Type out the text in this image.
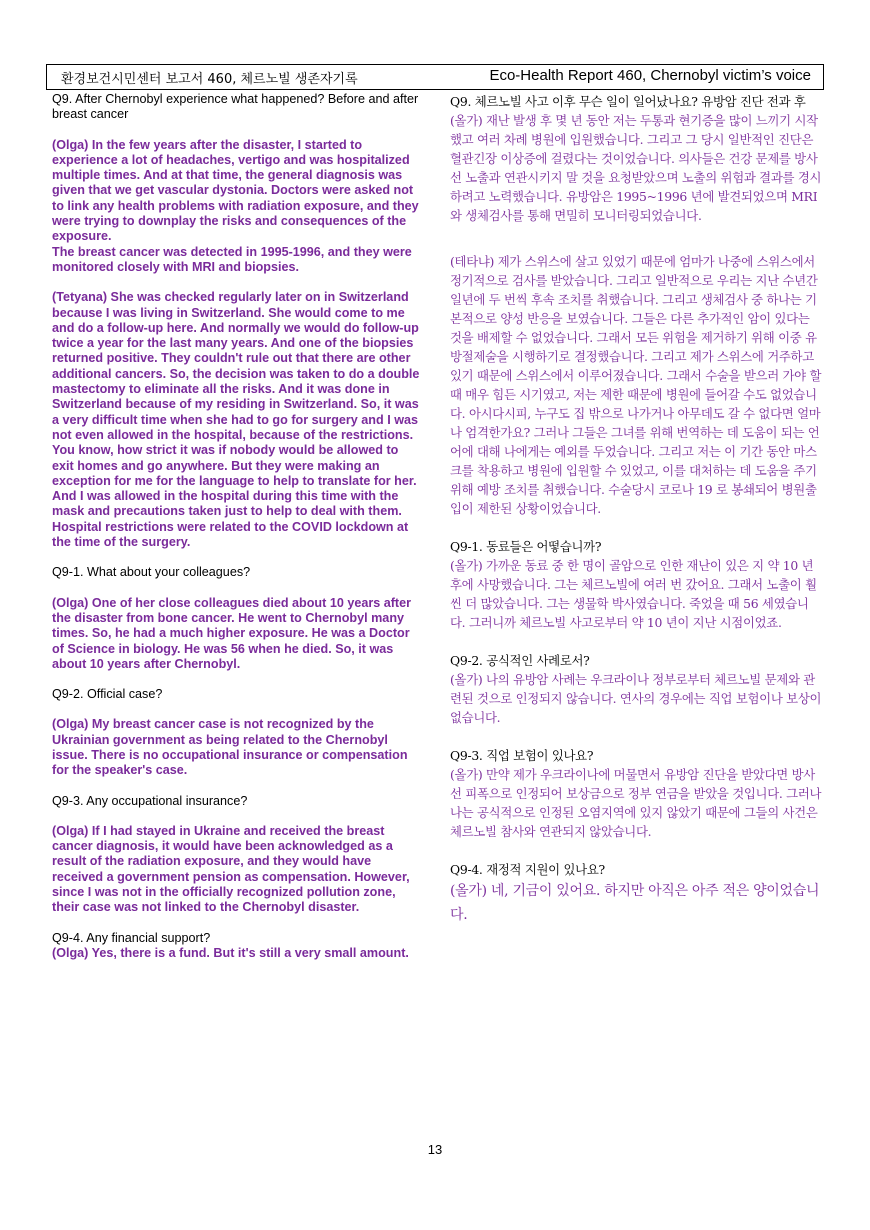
환경보건시민센터 보고서 460, 체르노빌 생존자기록	Eco-Health Report 460, Chernobyl victim’s voice

Q9. After Chernobyl experience what happened? Before and after breast cancer

(Olga) In the few years after the disaster, I started to experience a lot of headaches, vertigo and was hospitalized multiple times. And at that time, the general diagnosis was given that we get vascular dystonia. Doctors were asked not to link any health problems with radiation exposure, and they were trying to downplay the risks and consequences of the exposure.

The breast cancer was detected in 1995-1996, and they were monitored closely with MRI and biopsies.

(Tetyana) She was checked regularly later on in Switzerland because I was living in Switzerland. She would come to me and do a follow-up here. And normally we would do follow-up twice a year for the last many years. And one of the biopsies returned positive. They couldn't rule out that there are other additional cancers. So, the decision was taken to do a double mastectomy to eliminate all the risks. And it was done in Switzerland because of my residing in Switzerland. So, it was a very difficult time when she had to go for surgery and I was not even allowed in the hospital, because of the restrictions. You know, how strict it was if nobody would be allowed to exit homes and go anywhere. But they were making an exception for me for the language to help to translate for her. And I was allowed in the hospital during this time with the mask and precautions taken just to help to deal with them. Hospital restrictions were related to the COVID lockdown at the time of the surgery.

Q9-1. What about your colleagues?

(Olga) One of her close colleagues died about 10 years after the disaster from bone cancer. He went to Chernobyl many times. So, he had a much higher exposure. He was a Doctor of Science in biology. He was 56 when he died. So, it was about 10 years after Chernobyl.

Q9-2. Official case?

(Olga) My breast cancer case is not recognized by the Ukrainian government as being related to the Chernobyl issue. There is no occupational insurance or compensation for the speaker's case.

Q9-3. Any occupational insurance?

(Olga) If I had stayed in Ukraine and received the breast cancer diagnosis, it would have been acknowledged as a result of the radiation exposure, and they would have received a government pension as compensation. However, since I was not in the officially recognized pollution zone, their case was not linked to the Chernobyl disaster.

Q9-4. Any financial support?

(Olga) Yes, there is a fund. But it's still a very small amount.

Q9. 체르노빌 사고 이후 무슨 일이 일어났나요? 유방암 진단 전과 후

(올가) 재난 발생 후 몇 년 동안 저는 두통과 현기증을 많이 느끼기 시작했고 여러 차례 병원에 입원했습니다. 그리고 그 당시 일반적인 진단은 혈관긴장 이상증에 걸렸다는 것이었습니다. 의사들은 건강 문제를 방사선 노출과 연관시키지 말 것을 요청받았으며 노출의 위험과 결과를 경시하려고 노력했습니다. 유방암은 1995~1996 년에 발견되었으며 MRI 와 생체검사를 통해 면밀히 모니터링되었습니다.

(테타냐) 제가 스위스에 살고 있었기 때문에 엄마가 나중에 스위스에서 정기적으로 검사를 받았습니다. 그리고 일반적으로 우리는 지난 수년간 일년에 두 번씩 후속 조치를 취했습니다. 그리고 생체검사 중 하나는 기본적으로 양성 반응을 보였습니다. 그들은 다른 추가적인 암이 있다는 것을 배제할 수 없었습니다. 그래서 모든 위험을 제거하기 위해 이중 유방절제술을 시행하기로 결정했습니다. 그리고 제가 스위스에 거주하고 있기 때문에 스위스에서 이루어졌습니다. 그래서 수술을 받으러 가야 할 때 매우 힘든 시기였고, 저는 제한 때문에 병원에 들어갈 수도 없었습니다. 아시다시피, 누구도 집 밖으로 나가거나 아무데도 갈 수 없다면 얼마나 엄격한가요? 그러나 그들은 그녀를 위해 번역하는 데 도움이 되는 언어에 대해 나에게는 예외를 두었습니다. 그리고 저는 이 기간 동안 마스크를 착용하고 병원에 입원할 수 있었고, 이를 대처하는 데 도움을 주기 위해 예방 조치를 취했습니다. 수술당시 코로나 19 로 봉쇄되어 병원출입이 제한된 상황이었습니다.

Q9-1. 동료들은 어떻습니까?

(올가) 가까운 동료 중 한 명이 골암으로 인한 재난이 있은 지 약 10 년 후에 사망했습니다. 그는 체르노빌에 여러 번 갔어요. 그래서 노출이 훨씬 더 많았습니다. 그는 생물학 박사였습니다. 죽었을 때 56 세였습니다. 그러니까 체르노빌 사고로부터 약 10 년이 지난 시점이었죠.

Q9-2. 공식적인 사례로서?

(올가) 나의 유방암 사례는 우크라이나 정부로부터 체르노빌 문제와 관련된 것으로 인정되지 않습니다. 연사의 경우에는 직업 보험이나 보상이 없습니다.

Q9-3. 직업 보험이 있나요?

(올가) 만약 제가 우크라이나에 머물면서 유방암 진단을 받았다면 방사선 피폭으로 인정되어 보상금으로 정부 연금을 받았을 것입니다. 그러나 나는 공식적으로 인정된 오염지역에 있지 않았기 때문에 그들의 사건은 체르노빌 참사와 연관되지 않았습니다.

Q9-4. 재정적 지원이 있나요?

(올가) 네, 기금이 있어요. 하지만 아직은 아주 적은 양이었습니다.

13
